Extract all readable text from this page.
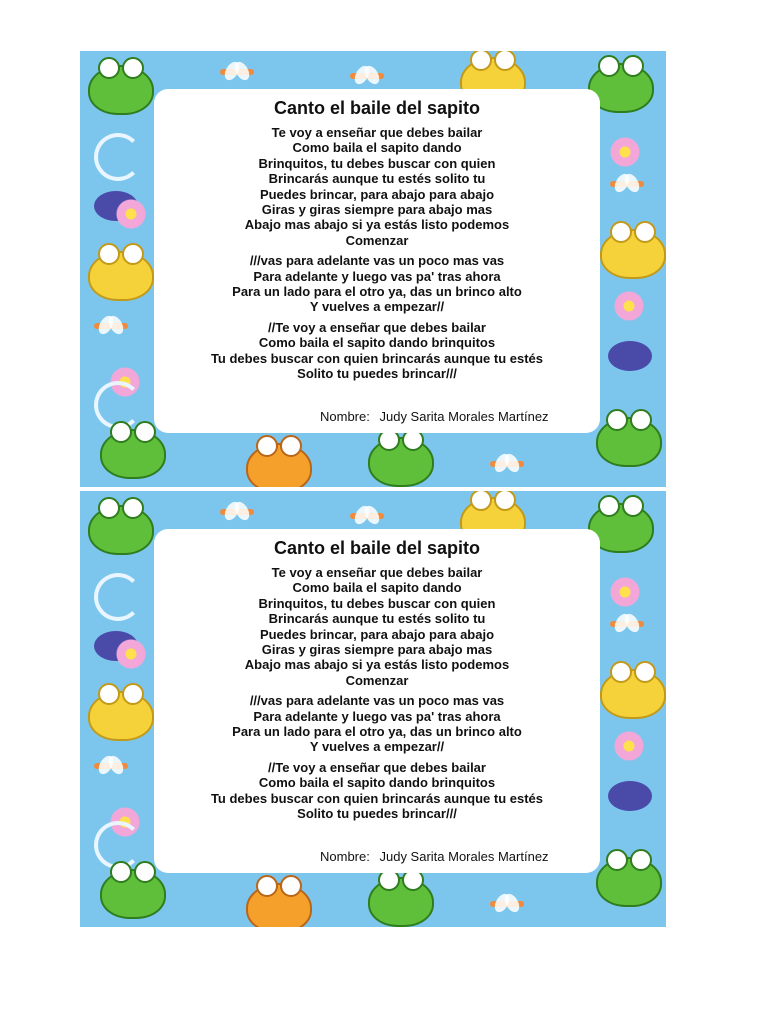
Canto el baile del sapito
Te voy a enseñar que debes bailar
Como baila el sapito dando
Brinquitos, tu debes buscar con quien
Brincarás aunque tu estés solito tu
Puedes brincar, para abajo para abajo
Giras y giras siempre para abajo mas
Abajo mas abajo si ya estás listo podemos
Comenzar
///vas para adelante vas un poco mas vas
Para adelante y luego vas pa' tras ahora
Para un lado para el otro ya, das un brinco alto
Y vuelves a empezar//
//Te voy a enseñar que debes bailar
Como baila el sapito dando brinquitos
Tu debes buscar con quien brincarás aunque tu estés
Solito tu puedes brincar///
Nombre: Judy Sarita Morales Martínez
Canto el baile del sapito
Te voy a enseñar que debes bailar
Como baila el sapito dando
Brinquitos, tu debes buscar con quien
Brincarás aunque tu estés solito tu
Puedes brincar, para abajo para abajo
Giras y giras siempre para abajo mas
Abajo mas abajo si ya estás listo podemos
Comenzar
///vas para adelante vas un poco mas vas
Para adelante y luego vas pa' tras ahora
Para un lado para el otro ya, das un brinco alto
Y vuelves a empezar//
//Te voy a enseñar que debes bailar
Como baila el sapito dando brinquitos
Tu debes buscar con quien brincarás aunque tu estés
Solito tu puedes brincar///
Nombre: Judy Sarita Morales Martínez
